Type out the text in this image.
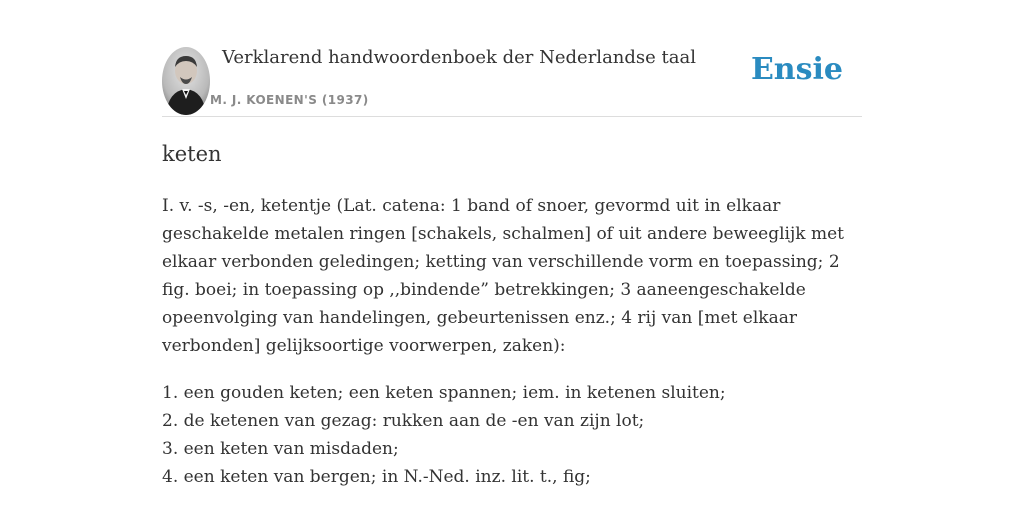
Verklarend handwoordenboek der Nederlandse taal
M. J. KOENEN'S (1937)
Ensie
keten

I. v. -s, -en, ketentje (Lat. catena: 1 band of snoer, gevormd uit in elkaar geschakelde metalen ringen [schakels, schalmen] of uit andere beweeglijk met elkaar verbonden geledingen; ketting van verschillende vorm en toepassing; 2 fig. boei; in toepassing op ,,bindende” betrekkingen; 3 aaneengeschakelde opeenvolging van handelingen, gebeurtenissen enz.; 4 rij van [met elkaar verbonden] gelijksoortige voorwerpen, zaken):

1. een gouden keten; een keten spannen; iem. in ketenen sluiten;
2. de ketenen van gezag: rukken aan de -en van zijn lot;
3. een keten van misdaden;
4. een keten van bergen; in N.-Ned. inz. lit. t., fig;
